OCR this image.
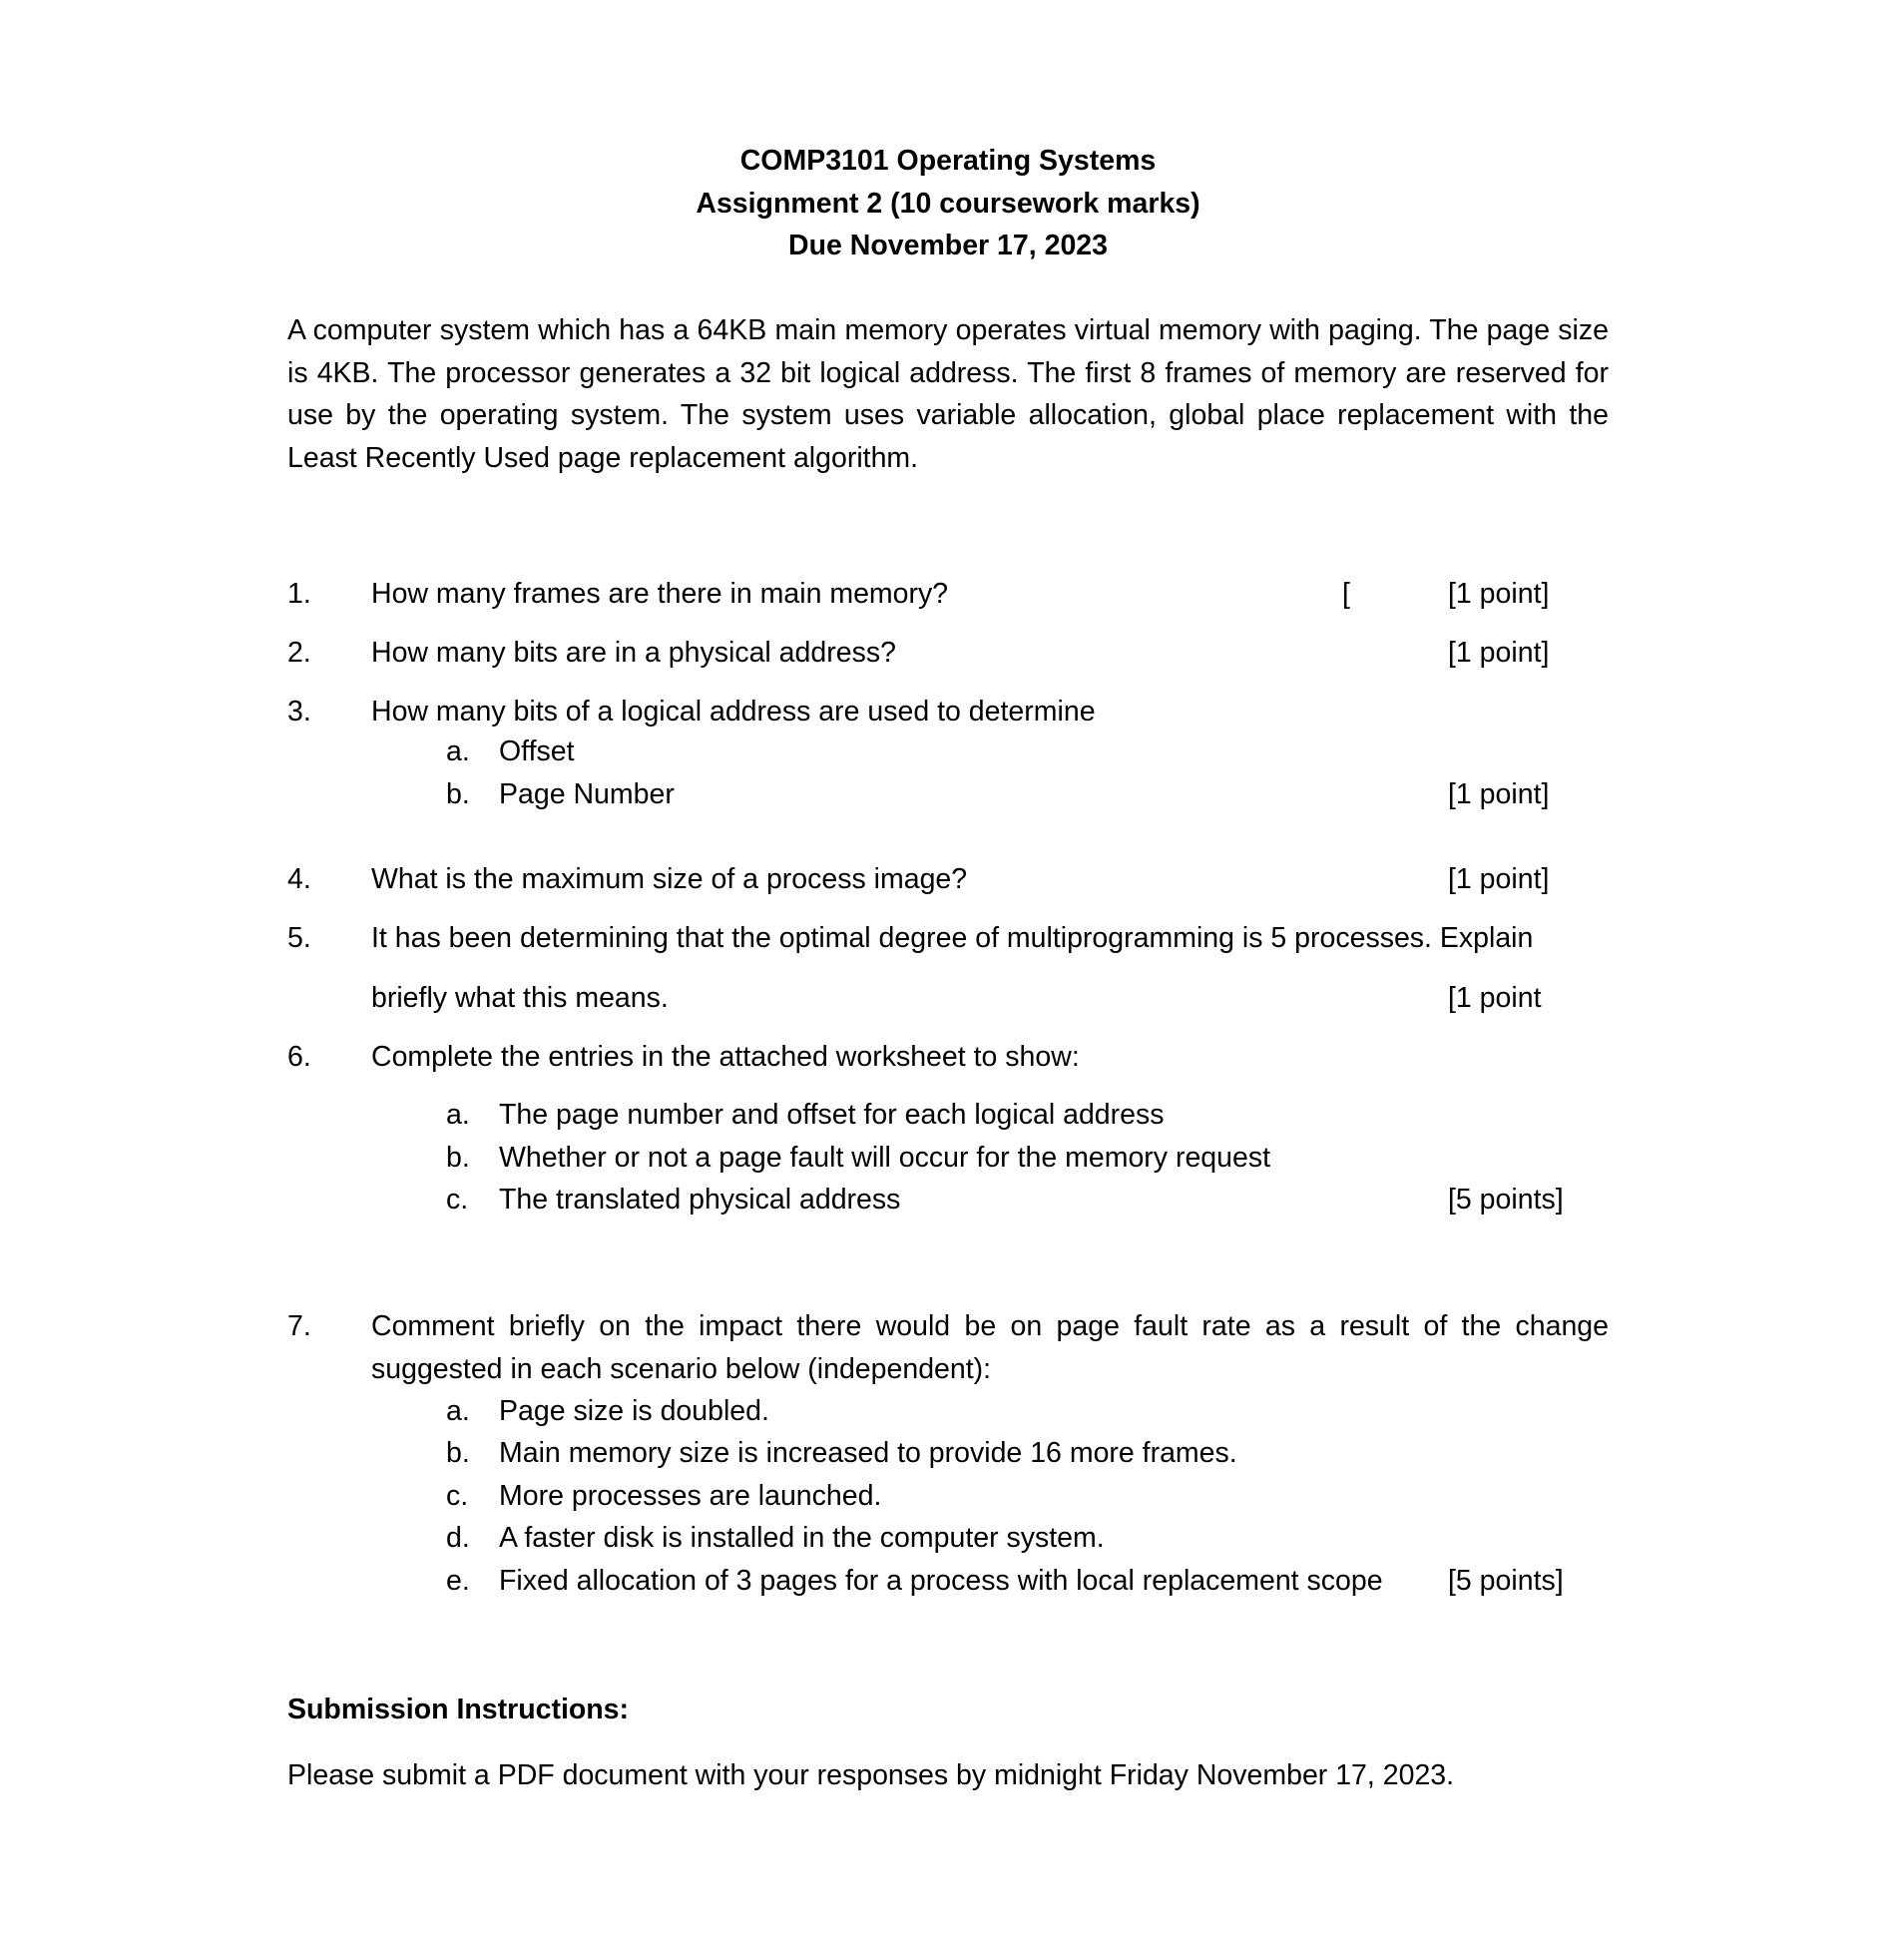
COMP3101 Operating Systems
Assignment 2 (10 coursework marks)
Due November 17, 2023
A computer system which has a 64KB main memory operates virtual memory with paging. The page size is 4KB. The processor generates a 32 bit logical address. The first 8 frames of memory are reserved for use by the operating system. The system uses variable allocation, global place replacement with the Least Recently Used page replacement algorithm.
1. How many frames are there in main memory?	[	[1 point]
2. How many bits are in a physical address?	[1 point]
3. How many bits of a logical address are used to determine
a. Offset
b. Page Number	[1 point]
4. What is the maximum size of a process image?	[1 point]
5. It has been determining that the optimal degree of multiprogramming is 5 processes. Explain
briefly what this means.	[1 point
6. Complete the entries in the attached worksheet to show:
a. The page number and offset for each logical address
b. Whether or not a page fault will occur for the memory request
c. The translated physical address	[5 points]
7. Comment briefly on the impact there would be on page fault rate as a result of the change suggested in each scenario below (independent):
a. Page size is doubled.
b. Main memory size is increased to provide 16 more frames.
c. More processes are launched.
d. A faster disk is installed in the computer system.
e. Fixed allocation of 3 pages for a process with local replacement scope [5 points]
Submission Instructions:
Please submit a PDF document with your responses by midnight Friday November 17, 2023.
